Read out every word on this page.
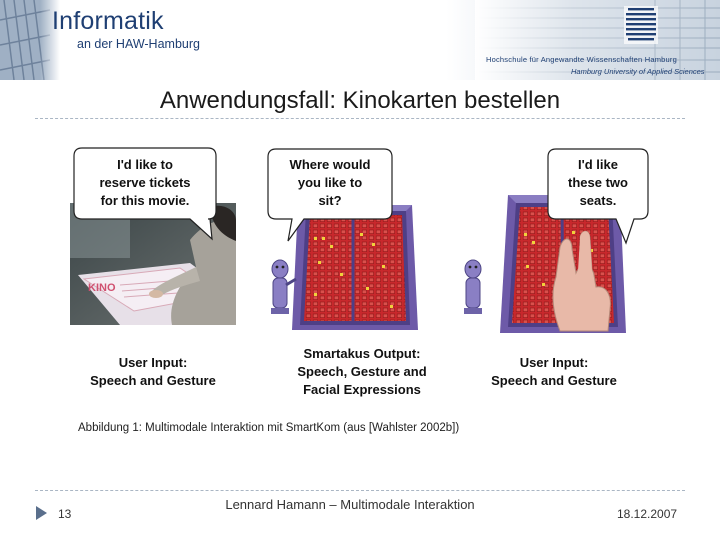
Informatik
an der HAW-Hamburg
Hochschule für Angewandte Wissenschaften Hamburg
Hamburg University of Applied Sciences
Anwendungsfall: Kinokarten bestellen
KINO
I'd like to
reserve tickets
for this movie.
Where would
you like to
sit?
I'd like
these two
seats.
User Input:
Speech and Gesture
Smartakus Output:
Speech, Gesture and
Facial Expressions
User Input:
Speech and Gesture
Abbildung 1: Multimodale Interaktion mit SmartKom (aus [Wahlster 2002b])
13
Lennard Hamann – Multimodale Interaktion
18.12.2007
